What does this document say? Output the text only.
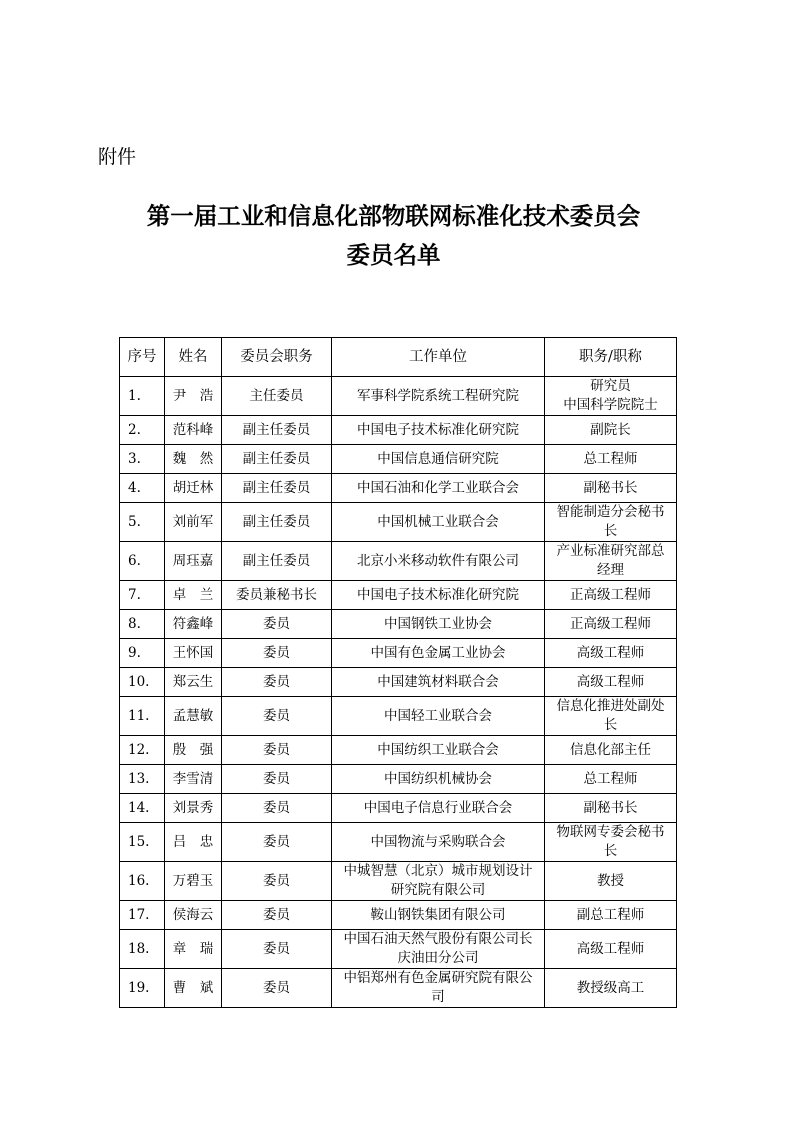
附件
第一届工业和信息化部物联网标准化技术委员会
委员名单
序号	姓名	委员会职务	工作单位	职务/职称

1.	尹　浩	主任委员	军事科学院系统工程研究院	研究员
中国科学院院士

2.	范科峰	副主任委员	中国电子技术标准化研究院	副院长

3.	魏　然	副主任委员	中国信息通信研究院	总工程师

4.	胡迁林	副主任委员	中国石油和化学工业联合会	副秘书长

5.	刘前军	副主任委员	中国机械工业联合会	智能制造分会秘书长

6.	周珏嘉	副主任委员	北京小米移动软件有限公司	产业标准研究部总经理

7.	卓　兰	委员兼秘书长	中国电子技术标准化研究院	正高级工程师

8.	符鑫峰	委员	中国钢铁工业协会	正高级工程师

9.	王怀国	委员	中国有色金属工业协会	高级工程师

10.	郑云生	委员	中国建筑材料联合会	高级工程师

11.	孟慧敏	委员	中国轻工业联合会	信息化推进处副处长

12.	殷　强	委员	中国纺织工业联合会	信息化部主任

13.	李雪清	委员	中国纺织机械协会	总工程师

14.	刘景秀	委员	中国电子信息行业联合会	副秘书长

15.	吕　忠	委员	中国物流与采购联合会	物联网专委会秘书长

16.	万碧玉	委员	中城智慧（北京）城市规划设计研究院有限公司	教授

17.	侯海云	委员	鞍山钢铁集团有限公司	副总工程师

18.	章　瑞	委员	中国石油天然气股份有限公司长庆油田分公司	高级工程师

19.	曹　斌	委员	中铝郑州有色金属研究院有限公司	教授级高工
